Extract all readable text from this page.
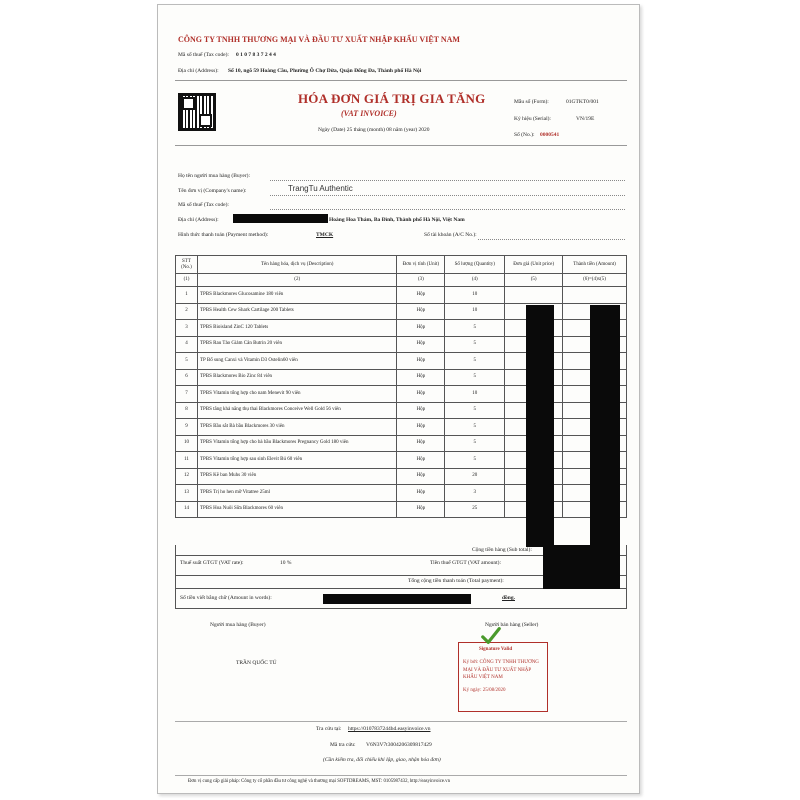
CÔNG TY TNHH THƯƠNG MẠI VÀ ĐẦU TƯ XUẤT NHẬP KHẨU VIỆT NAM
Mã số thuế (Tax code): 0 1 0 7 8 3 7 2 4 4
Địa chỉ (Address): Số 10, ngõ 59 Hoàng Cầu, Phường Ô Chợ Dừa, Quận Đống Đa, Thành phố Hà Nội
HÓA ĐƠN GIÁ TRỊ GIA TĂNG
(VAT INVOICE)
Ngày (Date) 25 tháng (month) 08 năm (year) 2020
Mẫu số (Form):	01GTKT0/001
Ký hiệu (Serial):	VN/19E
Số (No.): 0000541
Họ tên người mua hàng (Buyer):
Tên đơn vị (Company's name):	TrangTu Authentic
Mã số thuế (Tax code):
Địa chỉ (Address):	Hoàng Hoa Thám, Ba Đình, Thành phố Hà Nội, Việt Nam
Hình thức thanh toán (Payment method):	TMCK	Số tài khoản (A/C No.):
STT (No.)	Tên hàng hóa, dịch vụ (Description)	Đơn vị tính (Unit)	Số lượng (Quantity)	Đơn giá (Unit price)	Thành tiền (Amount)
(1)	(2)	(3)	(4)	(5)	(6)=(4)x(5)
1	TPBS Blackmores Glucosamine 180 viên	Hộp	10		
2	TPBS Health Cew Shark Cartilage 200 Tablets	Hộp	10		
3	TPBS Bioisland ZinC 120 Tablets	Hộp	5		
4	TPBS Rau Tảo Giảm Cân Butrin 20 viên	Hộp	5		
5	TP Bổ sung Canxi và Vitamin D3 Ostelin60 viên	Hộp	5		
6	TPBS Blackmores Bio Zinc 84 viên	Hộp	5		
7	TPBS Vitamin tổng hợp cho nam Menevit 90 viên	Hộp	10		
8	TPBS tăng khả năng thụ thai Blackmores Conceive Well Gold 56 viên	Hộp	5		
9	TPBS Bầu sắt Bà bầu Blackmores 30 viên	Hộp	5		
10	TPBS Vitamin tổng hợp cho bà bầu Blackmores Pregnancy Gold 180 viên	Hộp	5		
11	TPBS Vitamin tổng hợp sau sinh Elevit Bú 60 viên	Hộp	5		
12	TPBS Kẽ ban Muhs 30 viên	Hộp	20		
13	TPBS Trị ho hen mỡ Vitatree 25ml	Hộp	3		
14	TPBS Hoa Nuôi Sữa Blackmores 60 viên	Hộp	25		
Cộng tiền hàng (Sub total):
Thuế suất GTGT (VAT rate):	10 %	Tiền thuế GTGT (VAT amount):
Tổng cộng tiền thanh toán (Total payment):
Số tiền viết bằng chữ (Amount in words):	đồng.
Người mua hàng (Buyer)	Người bán hàng (Seller)
TRẦN QUỐC TÚ
Signature Valid
Ký bởi: CÔNG TY TNHH THƯƠNG MẠI VÀ ĐẦU TƯ XUẤT NHẬP KHẨU VIỆT NAM
Ký ngày: 25/08/2020
Tra cứu tại: https://0107837244hd.easyinvoice.vn
Mã tra cứu: V6N3V7t3004206309817429
(Cần kiểm tra, đối chiếu khi lập, giao, nhận hóa đơn)
Đơn vị cung cấp giải pháp: Công ty cổ phần đầu tư công nghệ và thương mại SOFTDREAMS, MST: 0105987432, http://easyinvoice.vn
